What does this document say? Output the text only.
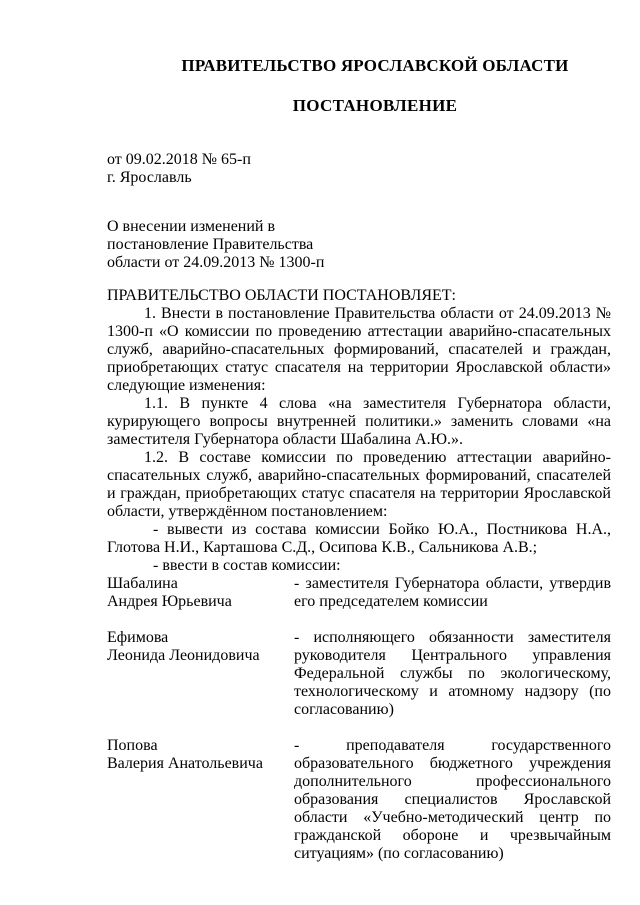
ПРАВИТЕЛЬСТВО ЯРОСЛАВСКОЙ ОБЛАСТИ
ПОСТАНОВЛЕНИЕ
от 09.02.2018 № 65-п
г. Ярославль
О внесении изменений в
постановление Правительства
области от 24.09.2013 № 1300-п
ПРАВИТЕЛЬСТВО ОБЛАСТИ ПОСТАНОВЛЯЕТ:
1. Внести в постановление Правительства области от 24.09.2013 № 1300-п «О комиссии по проведению аттестации аварийно-спасательных служб, аварийно-спасательных формирований, спасателей и граждан, приобретающих статус спасателя на территории Ярославской области» следующие изменения:
1.1. В пункте 4 слова «на заместителя Губернатора области, курирующего вопросы внутренней политики.» заменить словами «на заместителя Губернатора области Шабалина А.Ю.».
1.2. В составе комиссии по проведению аттестации аварийно-спасательных служб, аварийно-спасательных формирований, спасателей и граждан, приобретающих статус спасателя на территории Ярославской области, утверждённом постановлением:
- вывести из состава комиссии Бойко Ю.А., Постникова Н.А., Глотова Н.И., Карташова С.Д., Осипова К.В., Сальникова А.В.;
- ввести в состав комиссии:
Шабалина
Андрея Юрьевича
- заместителя Губернатора области, утвердив его председателем комиссии
Ефимова
Леонида Леонидовича
- исполняющего обязанности заместителя руководителя Центрального управления Федеральной службы по экологическому, технологическому и атомному надзору (по согласованию)
Попова
Валерия Анатольевича
- преподавателя государственного образовательного бюджетного учреждения дополнительного профессионального образования специалистов Ярославской области «Учебно-методический центр по гражданской обороне и чрезвычайным ситуациям» (по согласованию)
